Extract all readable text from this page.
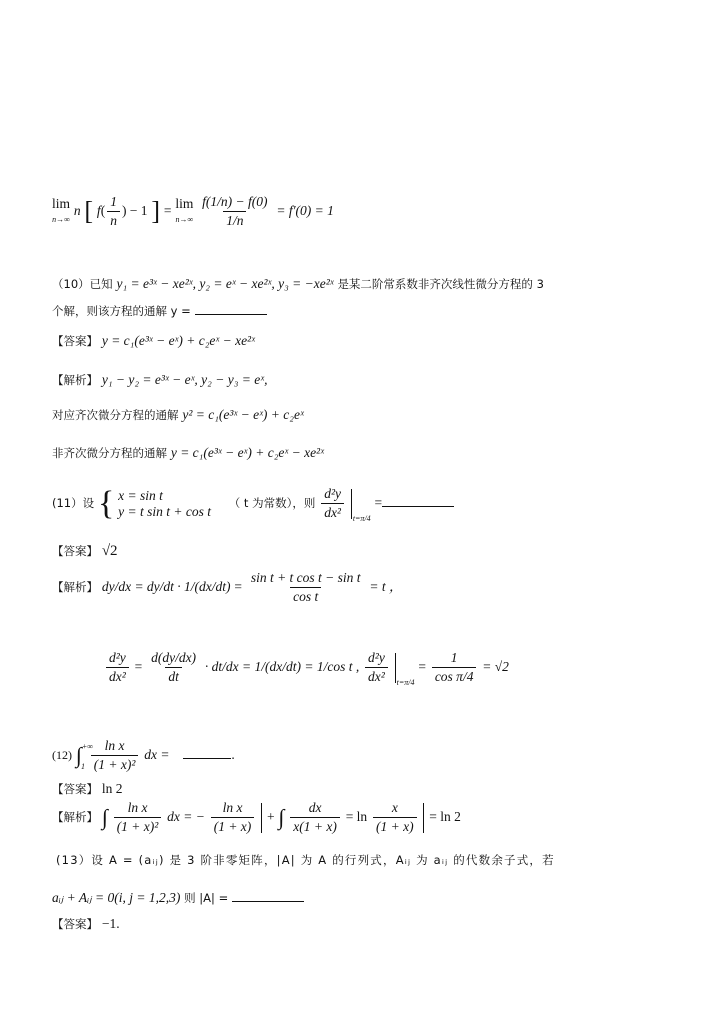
lim
n→∞
n [ $f( \frac{1}{n}$ ) − 1 ] = lim
n→∞
$\frac{f(1/n) - f(0)}{1/n} = f'(0) = 1$
（10）已知 y₁ = e³ˣ − xe²ˣ, y₂ = eˣ − xe²ˣ, y₃ = −xe²ˣ 是某二阶常系数非齐次线性微分方程的 3
个解，则该方程的通解 y =
【答案】 y = c₁(e³ˣ − eˣ) + c₂eˣ − xe²ˣ
【解析】 y₁ − y₂ = e³ˣ − eˣ, y₂ − y₃ = eˣ,
对应齐次微分方程的通解 y² = c₁(e³ˣ − eˣ) + c₂eˣ
非齐次微分方程的通解 y = c₁(e³ˣ − eˣ) + c₂eˣ − xe²ˣ
(11）设 { x = sin t
y = t sin t + cos t
（ t 为常数），则 $\frac{\text{d²y}}{\text{dx²}} _{t=\pi/4}$ =
【答案】 √2
【解析】 $dy/dx = dy/dt \cdot 1/(dx/dt) = \frac{\text{sin t + t cos t − sin t}}{\text{cos t}} = t$ ，
$\frac{\text{d²y}}{\text{dx²}} = \frac{d(dy/dx)}{dt} \cdot dt/dx = 1/(dx/dt) = 1/\cos$ t , $\frac{\text{d²y}}{\text{dx²}} _{t=\pi/4} = \frac{1}{\text{cos π/4}} = √2$
(12) $\int^{+\infty}_1 \frac{\text{ln x}}{\text{(1 + x)²}}$ dx =	.
【答案】 ln 2
【解析】 ∫ $\frac{\text{ln x}}{\text{(1 + x)²}}$ dx = − $\frac{\text{ln x}}{(1 + x)}$ + ∫ $\frac{dx}{x(1 + x)} = \ln \frac{x}{(1 + x)} = \ln 2$
(13）设 A = (aᵢⱼ) 是 3 阶非零矩阵，|A| 为 A 的行列式，Aᵢⱼ 为 aᵢⱼ 的代数余子式，若
aᵢⱼ + Aᵢⱼ = 0(i, j = 1,2,3) 则 |A| =
【答案】 −1.
